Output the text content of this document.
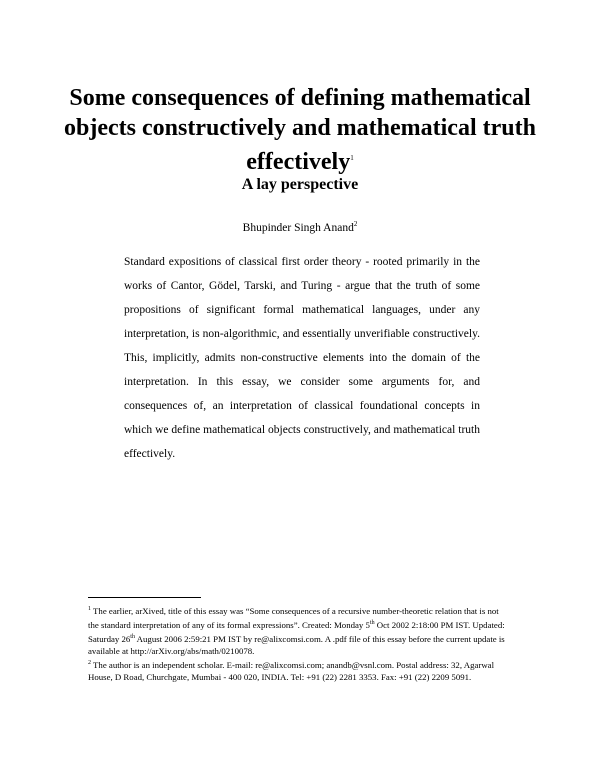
Some consequences of defining mathematical objects constructively and mathematical truth effectively$^1$
A lay perspective

Bhupinder Singh Anand$^2$

Standard expositions of classical first order theory - rooted primarily in the works of Cantor, Gödel, Tarski, and Turing - argue that the truth of some propositions of significant formal mathematical languages, under any interpretation, is non-algorithmic, and essentially unverifiable constructively. This, implicitly, admits non-constructive elements into the domain of the interpretation. In this essay, we consider some arguments for, and consequences of, an interpretation of classical foundational concepts in which we define mathematical objects constructively, and mathematical truth effectively.

$^1$ The earlier, arXived, title of this essay was “Some consequences of a recursive number-theoretic relation that is not the standard interpretation of any of its formal expressions”. Created: Monday 5th Oct 2002 2:18:00 PM IST. Updated: Saturday 26th August 2006 2:59:21 PM IST by re@alixcomsi.com. A .pdf file of this essay before the current update is available at http://arXiv.org/abs/math/0210078.

$^2$ The author is an independent scholar. E-mail: re@alixcomsi.com; anandb@vsnl.com. Postal address: 32, Agarwal House, D Road, Churchgate, Mumbai - 400 020, INDIA. Tel: +91 (22) 2281 3353. Fax: +91 (22) 2209 5091.
